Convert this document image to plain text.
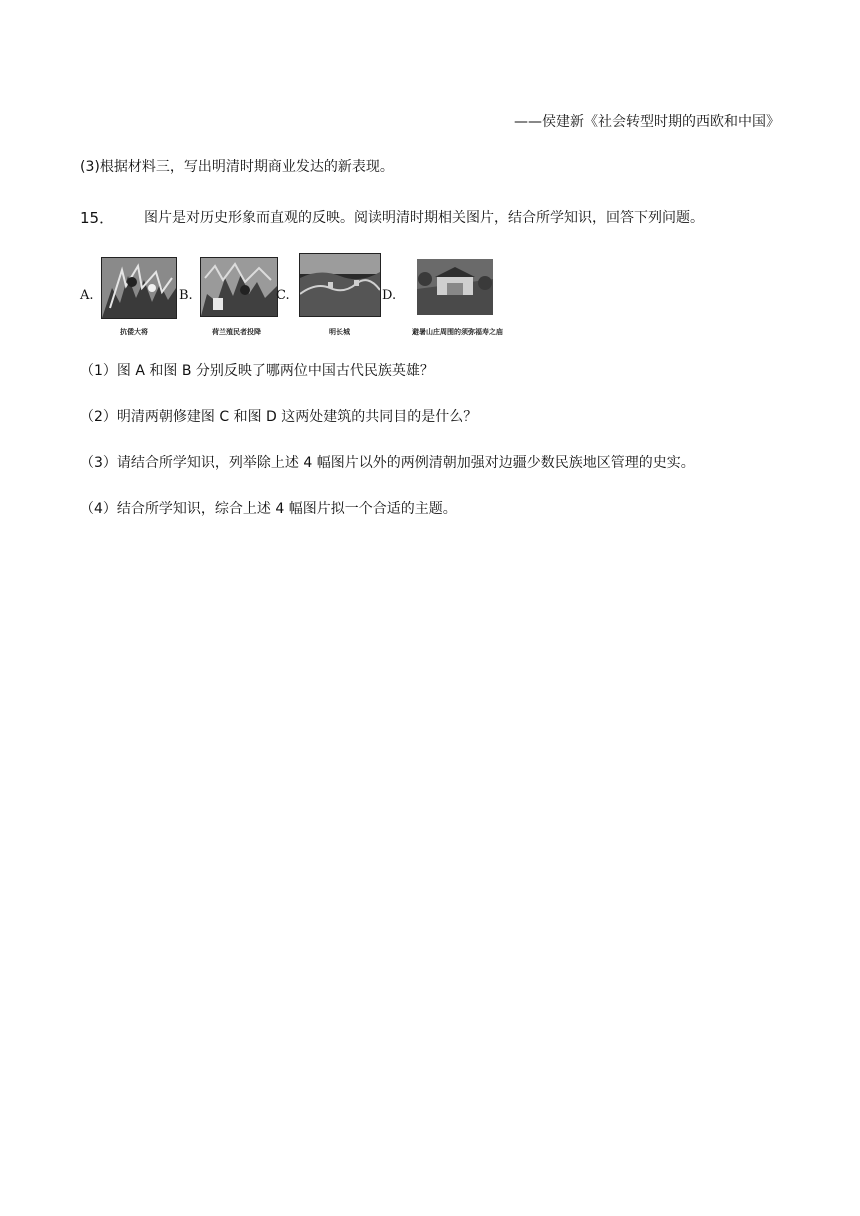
——侯建新《社会转型时期的西欧和中国》
(3)根据材料三，写出明清时期商业发达的新表现。
15． 图片是对历史形象而直观的反映。阅读明清时期相关图片，结合所学知识，回答下列问题。
A.
抗倭大将
B.
荷兰殖民者投降
C.
明长城
D.
避暑山庄周围的须弥福寿之庙
（1）图 A 和图 B 分别反映了哪两位中国古代民族英雄？
（2）明清两朝修建图 C 和图 D 这两处建筑的共同目的是什么？
（3）请结合所学知识，列举除上述 4 幅图片以外的两例清朝加强对边疆少数民族地区管理的史实。
（4）结合所学知识，综合上述 4 幅图片拟一个合适的主题。
